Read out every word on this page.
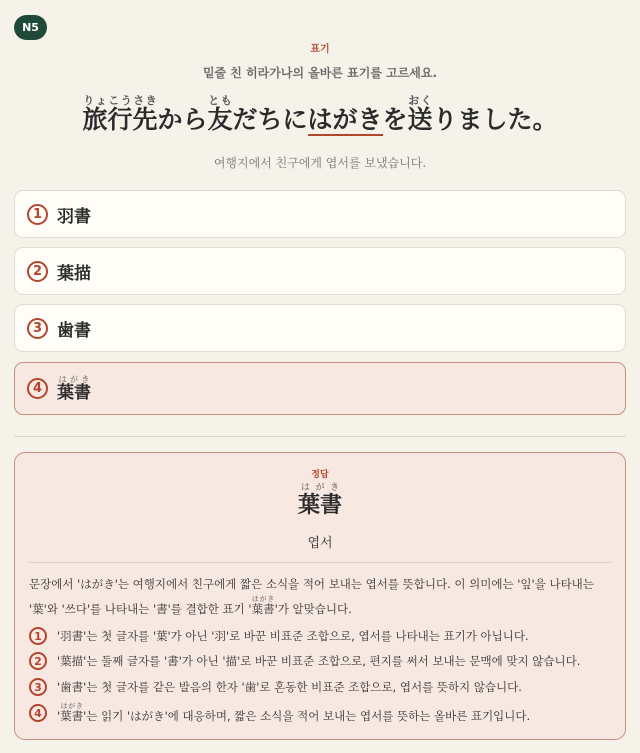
N5
표기
밑줄 친 히라가나의 올바른 표기를 고르세요.
旅行先りょこうさきから友ともだちにはがきを送おくりました。
여행지에서 친구에게 엽서를 보냈습니다.
1 羽書
2 葉描
3 歯書
4 葉書はがき
정답
葉書はがき
엽서
문장에서 'はがき'는 여행지에서 친구에게 짧은 소식을 적어 보내는 엽서를 뜻합니다. 이 의미에는 '잎'을 나타내는
'葉'와 '쓰다'를 나타내는 '書'를 결합한 표기 '葉書はがき'가 알맞습니다.
1	'羽書'는 첫 글자를 '葉'가 아닌 '羽'로 바꾼 비표준 조합으로, 엽서를 나타내는 표기가 아닙니다.
2	'葉描'는 둘째 글자를 '書'가 아닌 '描'로 바꾼 비표준 조합으로, 편지를 써서 보내는 문맥에 맞지 않습니다.
3	'歯書'는 첫 글자를 같은 발음의 한자 '歯'로 혼동한 비표준 조합으로, 엽서를 뜻하지 않습니다.
4	'葉書はがき'는 읽기 'はがき'에 대응하며, 짧은 소식을 적어 보내는 엽서를 뜻하는 올바른 표기입니다.
